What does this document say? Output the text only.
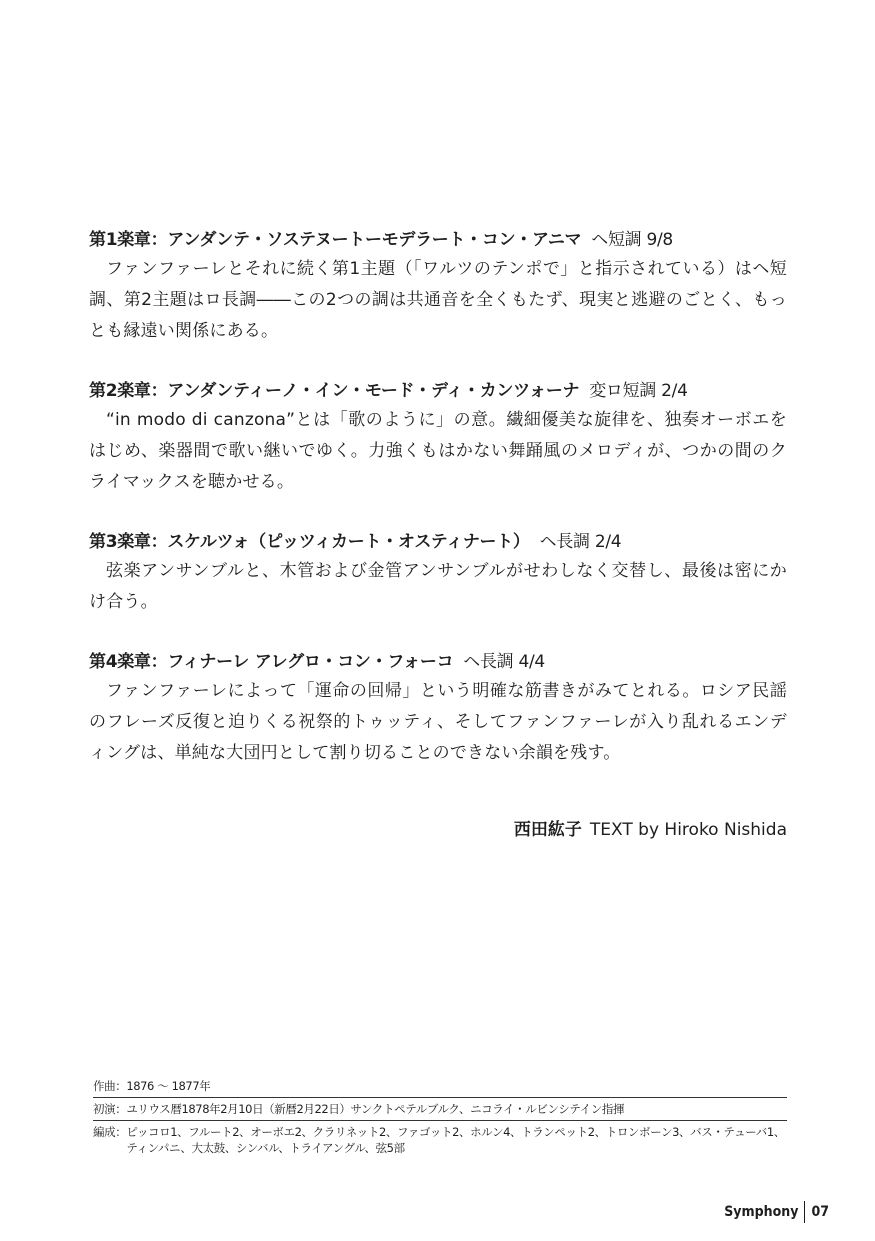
第1楽章：アンダンテ・ソステヌートーモデラート・コン・アニマ ヘ短調 9/8

ファンファーレとそれに続く第1主題（「ワルツのテンポで」と指示されている）はヘ短調、第2主題はロ長調――この2つの調は共通音を全くもたず、現実と逃避のごとく、もっとも縁遠い関係にある。

第2楽章：アンダンティーノ・イン・モード・ディ・カンツォーナ 変ロ短調 2/4

“in modo di canzona”とは「歌のように」の意。繊細優美な旋律を、独奏オーボエをはじめ、楽器間で歌い継いでゆく。力強くもはかない舞踊風のメロディが、つかの間のクライマックスを聴かせる。

第3楽章：スケルツォ（ピッツィカート・オスティナート） ヘ長調 2/4

弦楽アンサンブルと、木管および金管アンサンブルがせわしなく交替し、最後は密にかけ合う。

第4楽章：フィナーレ アレグロ・コン・フォーコ ヘ長調 4/4

ファンファーレによって「運命の回帰」という明確な筋書きがみてとれる。ロシア民謡のフレーズ反復と迫りくる祝祭的トゥッティ、そしてファンファーレが入り乱れるエンディングは、単純な大団円として割り切ることのできない余韻を残す。

西田紘子 TEXT by Hiroko Nishida
作曲： 1876 ～ 1877年
初演： ユリウス暦1878年2月10日（新暦2月22日）サンクトペテルブルク、ニコライ・ルビンシテイン指揮
編成： ピッコロ1、フルート2、オーボエ2、クラリネット2、ファゴット2、ホルン4、トランペット2、トロンボーン3、バス・テューバ1、ティンパニ、大太鼓、シンバル、トライアングル、弦5部
Symphony 07
